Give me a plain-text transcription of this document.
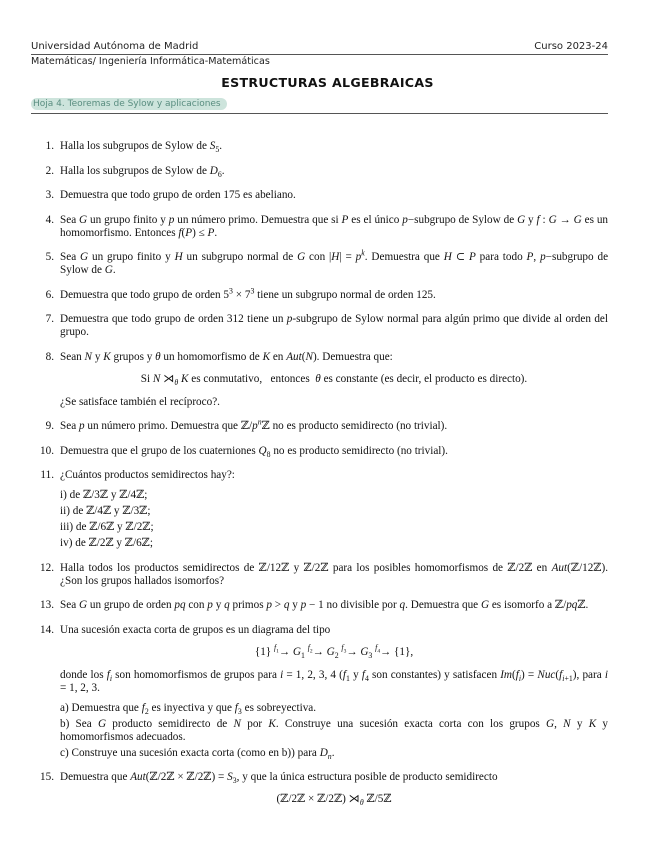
Universidad Autónoma de Madrid	Curso 2023-24
Matemáticas/ Ingeniería Informática-Matemáticas
ESTRUCTURAS ALGEBRAICAS
Hoja 4. Teoremas de Sylow y aplicaciones
1. Halla los subgrupos de Sylow de $S_5$.
2. Halla los subgrupos de Sylow de $D_6$.
3. Demuestra que todo grupo de orden 175 es abeliano.
4. Sea G un grupo finito y p un número primo. Demuestra que si P es el único p−subgrupo de Sylow de G y f : G → G es un homomorfismo. Entonces f(P) ≤ P.
5. Sea G un grupo finito y H un subgrupo normal de G con $|H| = p^k$. Demuestra que H ⊂ P para todo P, p−subgrupo de Sylow de G.
6. Demuestra que todo grupo de orden $5^3 \times 7^3$ tiene un subgrupo normal de orden 125.
7. Demuestra que todo grupo de orden 312 tiene un p-subgrupo de Sylow normal para algún primo que divide al orden del grupo.
8. Sean N y K grupos y θ un homomorfismo de K en Aut(N). Demuestra que:
Si N $⋊_\theta$ K es conmutativo,   entonces  θ es constante (es decir, el producto es directo).
¿Se satisface también el recíproco?.
9. Sea p un número primo. Demuestra que $ℤ/p^nℤ$ no es producto semidirecto (no trivial).
10. Demuestra que el grupo de los cuaterniones $Q_8$ no es producto semidirecto (no trivial).
11. ¿Cuántos productos semidirectos hay?:
i) de ℤ/3ℤ y ℤ/4ℤ;
ii) de ℤ/4ℤ y ℤ/3ℤ;
iii) de ℤ/6ℤ y ℤ/2ℤ;
iv) de ℤ/2ℤ y ℤ/6ℤ;
12. Halla todos los productos semidirectos de ℤ/12ℤ y ℤ/2ℤ para los posibles homomorfismos de ℤ/2ℤ en Aut(ℤ/12ℤ). ¿Son los grupos hallados isomorfos?
13. Sea G un grupo de orden pq con p y q primos p > q y p − 1 no divisible por q. Demuestra que G es isomorfo a ℤ/pqℤ.
14. Una sucesión exacta corta de grupos es un diagrama del tipo
{1} $^{f_1}\to G_1$ $^{f_2}\to G_2$ $^{f_3}\to G_3$ $^{f_4}$→ {1},
donde los $f_i$ son homomorfismos de grupos para i = 1, 2, 3, 4 ($f_1$ y $f_4$ son constantes) y satisfacen $Im(f_i) = Nuc(f_{i+1})$, para i = 1, 2, 3.
a) Demuestra que $f_2$ es inyectiva y que $f_3$ es sobreyectiva.
b) Sea G producto semidirecto de N por K. Construye una sucesión exacta corta con los grupos G, N y K y homomorfismos adecuados.
c) Construye una sucesión exacta corta (como en b)) para $D_n$.
15. Demuestra que Aut(ℤ/2ℤ × ℤ/2ℤ) = $S_3$, y que la única estructura posible de producto semidirecto
(ℤ/2ℤ × ℤ/2ℤ) $⋊_\theta$ ℤ/5ℤ
